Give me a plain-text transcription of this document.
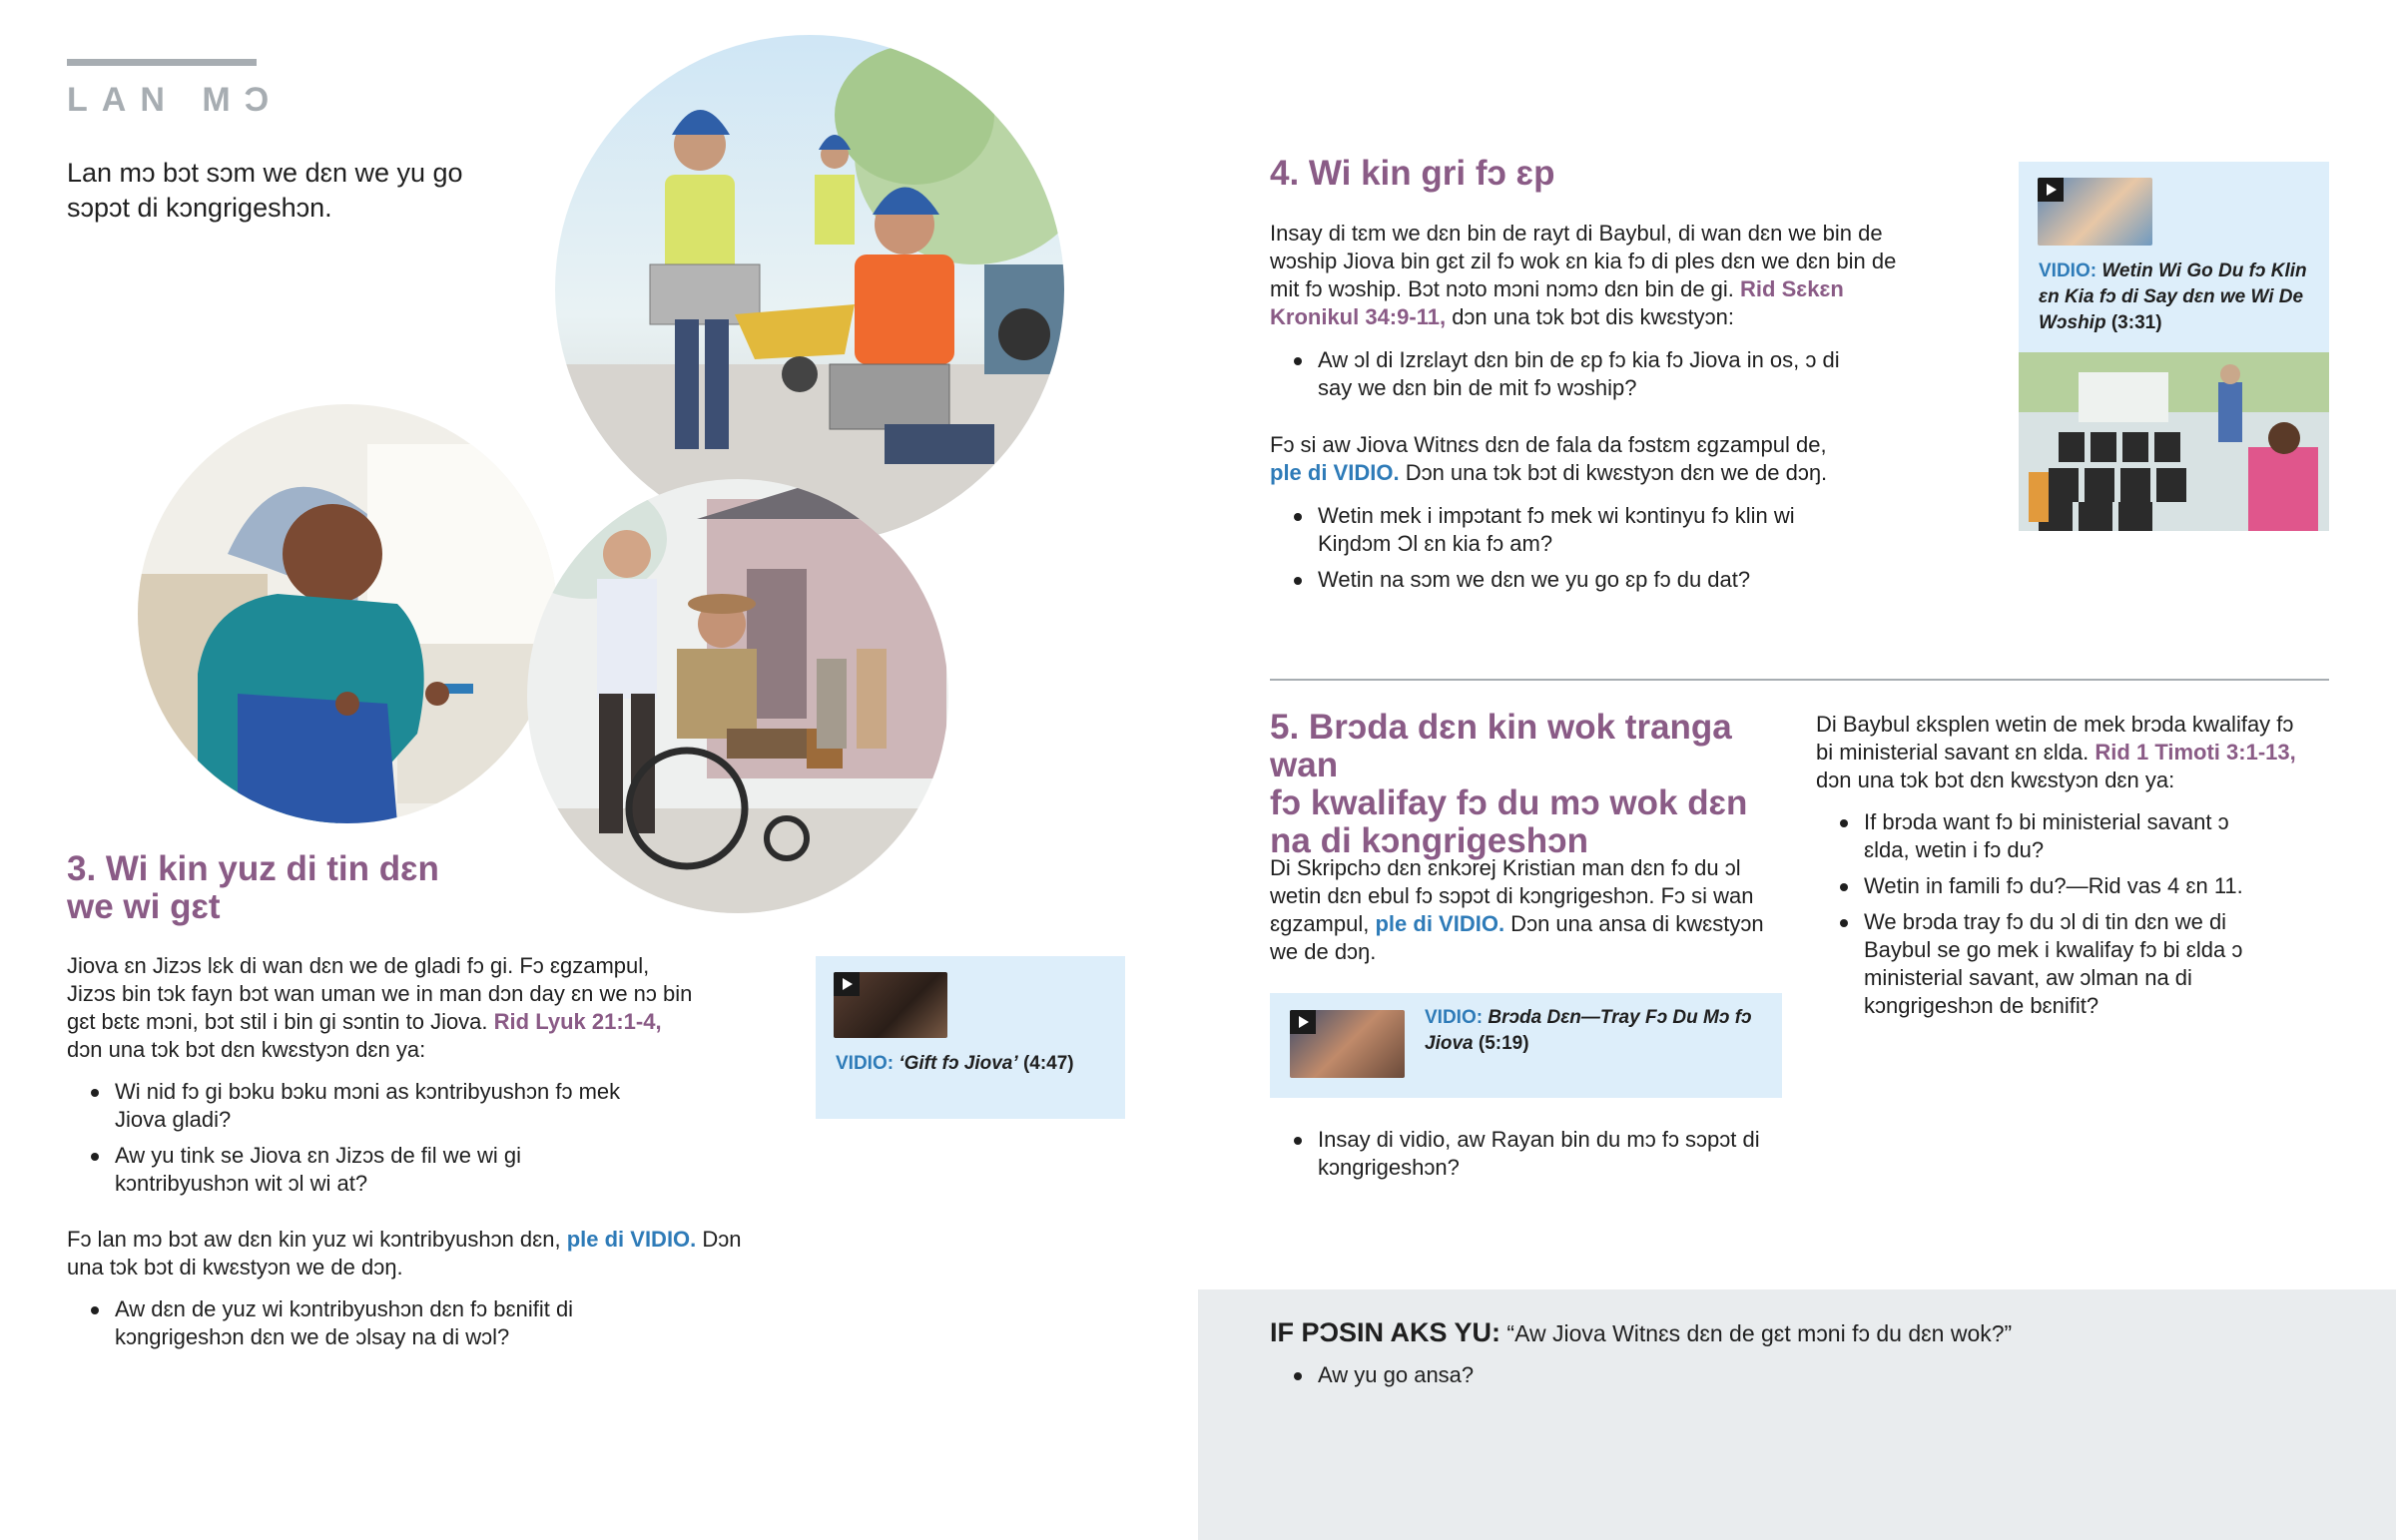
LAN MƆ
Lan mɔ bɔt sɔm we dɛn we yu go sɔpɔt di kɔngrigeshɔn.
3. Wi kin yuz di tin dɛn
we wi gɛt
Jiova ɛn Jizɔs lɛk di wan dɛn we de gladi fɔ gi. Fɔ ɛgzampul, Jizɔs bin tɔk fayn bɔt wan uman we in man dɔn day ɛn we nɔ bin gɛt bɛtɛ mɔni, bɔt stil i bin gi sɔntin to Jiova. Rid Lyuk 21:1-4, dɔn una tɔk bɔt dɛn kwɛstyɔn dɛn ya:
Wi nid fɔ gi bɔku bɔku mɔni as kɔntribyushɔn fɔ mek Jiova gladi?
Aw yu tink se Jiova ɛn Jizɔs de fil we wi gi kɔntribyushɔn wit ɔl wi at?
Fɔ lan mɔ bɔt aw dɛn kin yuz wi kɔntribyushɔn dɛn, ple di VIDIO. Dɔn una tɔk bɔt di kwɛstyɔn we de dɔŋ.
Aw dɛn de yuz wi kɔntribyushɔn dɛn fɔ bɛnifit di kɔngrigeshɔn dɛn we de ɔlsay na di wɔl?
VIDIO: ‘Gift fɔ Jiova’ (4:47)
4. Wi kin gri fɔ ɛp
Insay di tɛm we dɛn bin de rayt di Baybul, di wan dɛn we bin de wɔship Jiova bin gɛt zil fɔ wok ɛn kia fɔ di ples dɛn we dɛn bin de mit fɔ wɔship. Bɔt nɔto mɔni nɔmɔ dɛn bin de gi. Rid Sɛkɛn Kronikul 34:9-11, dɔn una tɔk bɔt dis kwɛstyɔn:
Aw ɔl di Izrɛlayt dɛn bin de ɛp fɔ kia fɔ Jiova in os, ɔ di say we dɛn bin de mit fɔ wɔship?
Fɔ si aw Jiova Witnɛs dɛn de fala da fɔstɛm ɛgzampul de,
ple di VIDIO. Dɔn una tɔk bɔt di kwɛstyɔn dɛn we de dɔŋ.
Wetin mek i impɔtant fɔ mek wi kɔntinyu fɔ klin wi Kiŋdɔm Ɔl ɛn kia fɔ am?
Wetin na sɔm we dɛn we yu go ɛp fɔ du dat?
VIDIO: Wetin Wi Go Du fɔ Klin ɛn Kia fɔ di Say dɛn we Wi De Wɔship (3:31)
5. Brɔda dɛn kin wok tranga wan
fɔ kwalifay fɔ du mɔ wok dɛn
na di kɔngrigeshɔn
Di Skripchɔ dɛn ɛnkɔrej Kristian man dɛn fɔ du ɔl wetin dɛn ebul fɔ sɔpɔt di kɔngrigeshɔn. Fɔ si wan ɛgzampul, ple di VIDIO. Dɔn una ansa di kwɛstyɔn we de dɔŋ.
VIDIO: Brɔda Dɛn—Tray Fɔ Du Mɔ fɔ Jiova (5:19)
Insay di vidio, aw Rayan bin du mɔ fɔ sɔpɔt di kɔngrigeshɔn?
Di Baybul ɛksplen wetin de mek brɔda kwalifay fɔ bi ministerial savant ɛn ɛlda. Rid 1 Timoti 3:1-13, dɔn una tɔk bɔt dɛn kwɛstyɔn dɛn ya:
If brɔda want fɔ bi ministerial savant ɔ ɛlda, wetin i fɔ du?
Wetin in famili fɔ du?—Rid vas 4 ɛn 11.
We brɔda tray fɔ du ɔl di tin dɛn we di Baybul se go mek i kwalifay fɔ bi ɛlda ɔ ministerial savant, aw ɔlman na di kɔngrigeshɔn de bɛnifit?
IF PƆSIN AKS YU: “Aw Jiova Witnɛs dɛn de gɛt mɔni fɔ du dɛn wok?”
Aw yu go ansa?
